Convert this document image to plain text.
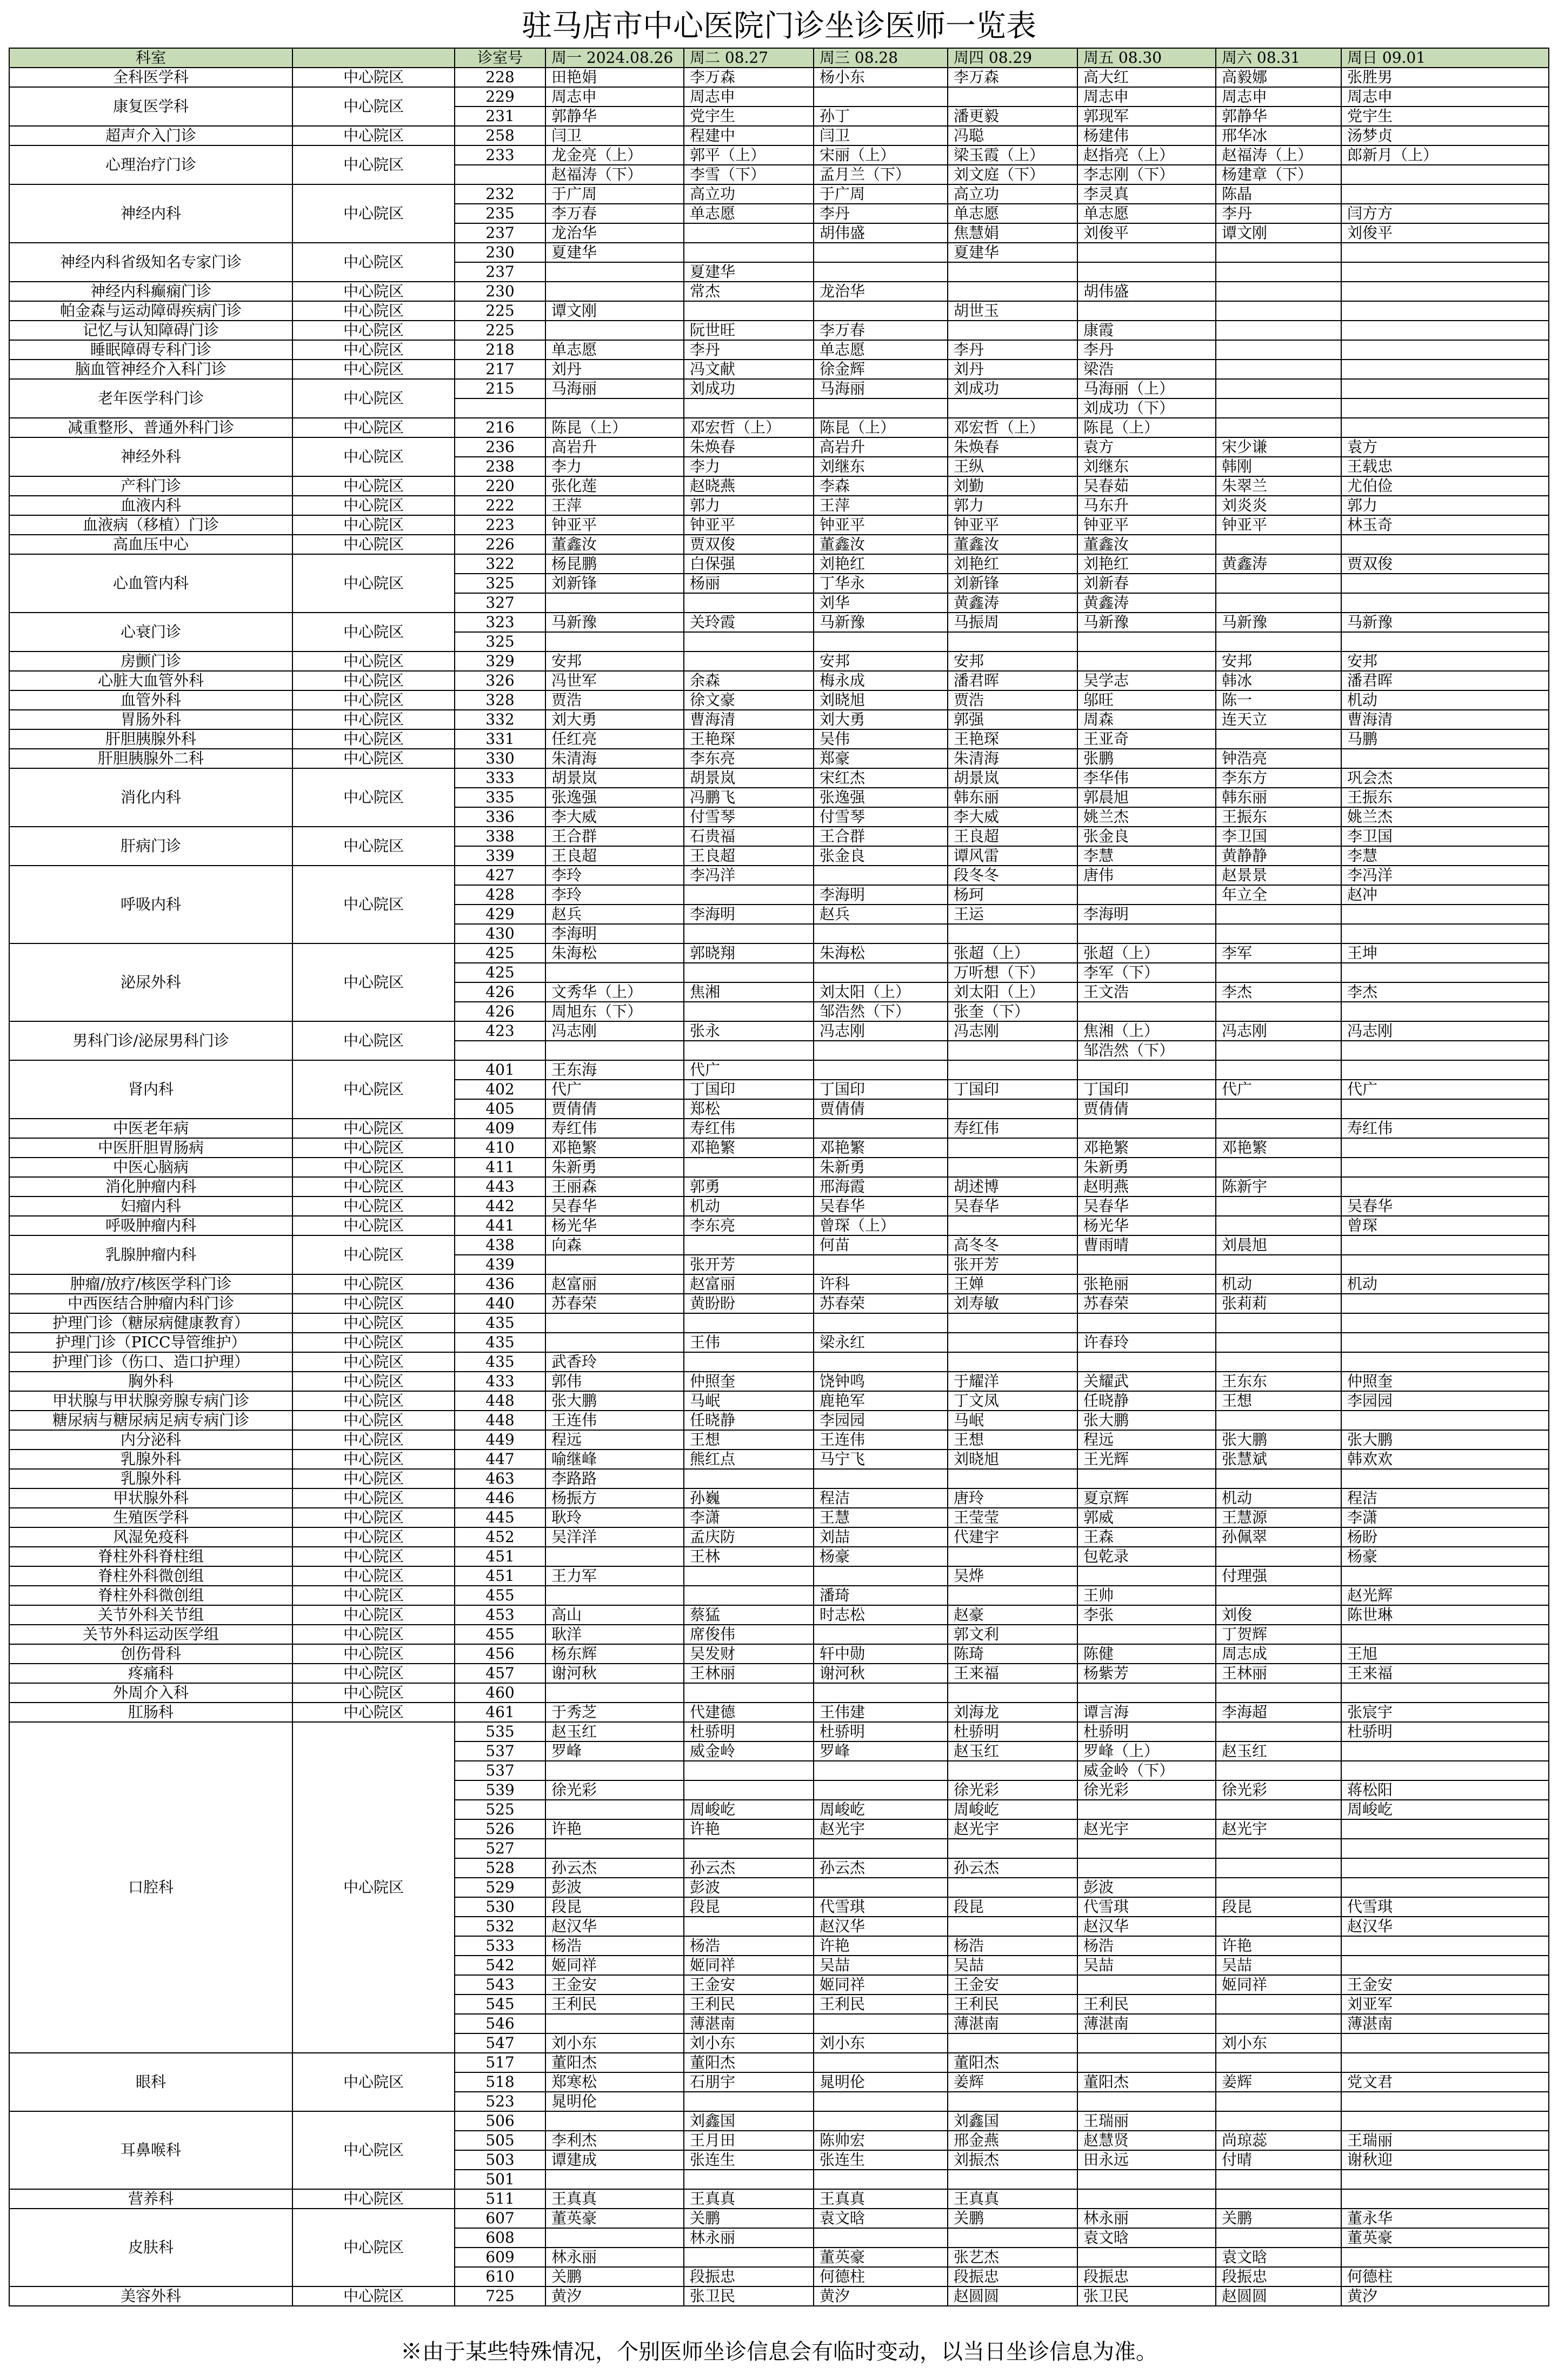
驻马店市中心医院门诊坐诊医师一览表
科室		诊室号	周一 2024.08.26	周二 08.27	周三 08.28	周四 08.29	周五 08.30	周六 08.31	周日 09.01
全科医学科	中心院区	228	田艳娟	李万森	杨小东	李万森	高大红	高毅娜	张胜男
康复医学科	中心院区	229	周志申	周志申			周志申	周志申	周志申
		231	郭静华	党宇生	孙丁	潘更毅	郭现军	郭静华	党宇生
超声介入门诊	中心院区	258	闫卫	程建中	闫卫	冯聪	杨建伟	邢华冰	汤梦贞
心理治疗门诊	中心院区	233	龙金亮（上）	郭平（上）	宋丽（上）	梁玉霞（上）	赵指亮（上）	赵福涛（上）	郎新月（上）
			赵福涛（下）	李雪（下）	孟月兰（下）	刘文庭（下）	李志刚（下）	杨建章（下）	
神经内科	中心院区	232	于广周	高立功	于广周	高立功	李灵真	陈晶	
		235	李万春	单志愿	李丹	单志愿	单志愿	李丹	闫方方
		237	龙治华		胡伟盛	焦慧娟	刘俊平	谭文刚	刘俊平
神经内科省级知名专家门诊	中心院区	230	夏建华			夏建华			
		237		夏建华					
神经内科癫痫门诊	中心院区	230		常杰	龙治华		胡伟盛		
帕金森与运动障碍疾病门诊	中心院区	225	谭文刚			胡世玉			
记忆与认知障碍门诊	中心院区	225		阮世旺	李万春		康霞		
睡眠障碍专科门诊	中心院区	218	单志愿	李丹	单志愿	李丹	李丹		
脑血管神经介入科门诊	中心院区	217	刘丹	冯文献	徐金辉	刘丹	梁浩		
老年医学科门诊	中心院区	215	马海丽	刘成功	马海丽	刘成功	马海丽（上）		
							刘成功（下）		
减重整形、普通外科门诊	中心院区	216	陈昆（上）	邓宏哲（上）	陈昆（上）	邓宏哲（上）	陈昆（上）		
神经外科	中心院区	236	高岩升	朱焕春	高岩升	朱焕春	袁方	宋少谦	袁方
		238	李力	李力	刘继东	王纵	刘继东	韩刚	王载忠
产科门诊	中心院区	220	张化莲	赵晓燕	李森	刘勤	吴春茹	朱翠兰	尤伯俭
血液内科	中心院区	222	王萍	郭力	王萍	郭力	马东升	刘炎炎	郭力
血液病（移植）门诊	中心院区	223	钟亚平	钟亚平	钟亚平	钟亚平	钟亚平	钟亚平	林玉奇
高血压中心	中心院区	226	董鑫汝	贾双俊	董鑫汝	董鑫汝	董鑫汝		
心血管内科	中心院区	322	杨昆鹏	白保强	刘艳红	刘艳红	刘艳红	黄鑫涛	贾双俊
		325	刘新锋	杨丽	丁华永	刘新锋	刘新春		
		327			刘华	黄鑫涛	黄鑫涛		
心衰门诊	中心院区	323	马新豫	关玲霞	马新豫	马振周	马新豫	马新豫	马新豫
		325							
房颤门诊	中心院区	329	安邦		安邦	安邦		安邦	安邦
心脏大血管外科	中心院区	326	冯世军	余森	梅永成	潘君晖	吴学志	韩冰	潘君晖
血管外科	中心院区	328	贾浩	徐文豪	刘晓旭	贾浩	邬旺	陈一	机动
胃肠外科	中心院区	332	刘大勇	曹海清	刘大勇	郭强	周森	连天立	曹海清
肝胆胰腺外科	中心院区	331	任红亮	王艳琛	吴伟	王艳琛	王亚奇		马鹏
肝胆胰腺外二科	中心院区	330	朱清海	李东亮	郑豪	朱清海	张鹏	钟浩亮	
消化内科	中心院区	333	胡景岚	胡景岚	宋红杰	胡景岚	李华伟	李东方	巩会杰
		335	张逸强	冯鹏飞	张逸强	韩东丽	郭晨旭	韩东丽	王振东
		336	李大威	付雪琴	付雪琴	李大威	姚兰杰	王振东	姚兰杰
肝病门诊	中心院区	338	王合群	石贵福	王合群	王良超	张金良	李卫国	李卫国
		339	王良超	王良超	张金良	谭风雷	李慧	黄静静	李慧
呼吸内科	中心院区	427	李玲	李冯洋		段冬冬	唐伟	赵景景	李冯洋
		428	李玲		李海明	杨珂		年立全	赵冲
		429	赵兵	李海明	赵兵	王运	李海明		
		430	李海明						
泌尿外科	中心院区	425	朱海松	郭晓翔	朱海松	张超（上）	张超（上）	李军	王坤
		425				万听想（下）	李军（下）		
		426	文秀华（上）	焦湘	刘太阳（上）	刘太阳（上）	王文浩	李杰	李杰
		426	周旭东（下）		邹浩然（下）	张奎（下）			
男科门诊/泌尿男科门诊	中心院区	423	冯志刚	张永	冯志刚	冯志刚	焦湘（上）	冯志刚	冯志刚
							邹浩然（下）		
肾内科	中心院区	401	王东海	代广					
		402	代广	丁国印	丁国印	丁国印	丁国印	代广	代广
		405	贾倩倩	郑松	贾倩倩		贾倩倩		
中医老年病	中心院区	409	寿红伟	寿红伟		寿红伟			寿红伟
中医肝胆胃肠病	中心院区	410	邓艳繁	邓艳繁	邓艳繁		邓艳繁	邓艳繁	
中医心脑病	中心院区	411	朱新勇		朱新勇		朱新勇		
消化肿瘤内科	中心院区	443	王丽森	郭勇	邢海霞	胡述博	赵明燕	陈新宇	
妇瘤内科	中心院区	442	吴春华	机动	吴春华	吴春华	吴春华		吴春华
呼吸肿瘤内科	中心院区	441	杨光华	李东亮	曾琛（上）		杨光华		曾琛
乳腺肿瘤内科	中心院区	438	向森		何苗	高冬冬	曹雨晴	刘晨旭	
		439		张开芳		张开芳			
肿瘤/放疗/核医学科门诊	中心院区	436	赵富丽	赵富丽	许科	王婵	张艳丽	机动	机动
中西医结合肿瘤内科门诊	中心院区	440	苏春荣	黄盼盼	苏春荣	刘寿敏	苏春荣	张莉莉	
护理门诊（糖尿病健康教育）	中心院区	435							
护理门诊（PICC导管维护）	中心院区	435		王伟	梁永红		许春玲		
护理门诊（伤口、造口护理）	中心院区	435	武香玲						
胸外科	中心院区	433	郭伟	仲照奎	饶钟鸣	于耀洋	关耀武	王东东	仲照奎
甲状腺与甲状腺旁腺专病门诊	中心院区	448	张大鹏	马岷	鹿艳军	丁文凤	任晓静	王想	李园园
糖尿病与糖尿病足病专病门诊	中心院区	448	王连伟	任晓静	李园园	马岷	张大鹏		
内分泌科	中心院区	449	程远	王想	王连伟	王想	程远	张大鹏	张大鹏
乳腺外科	中心院区	447	喻继峰	熊红点	马宁飞	刘晓旭	王光辉	张慧斌	韩欢欢
乳腺外科	中心院区	463	李路路						
甲状腺外科	中心院区	446	杨振方	孙巍	程洁	唐玲	夏京辉	机动	程洁
生殖医学科	中心院区	445	耿玲	李潇	王慧	王莹莹	郭威	王慧源	李潇
风湿免疫科	中心院区	452	吴洋洋	孟庆防	刘喆	代建宇	王森	孙佩翠	杨盼
脊柱外科脊柱组	中心院区	451		王林	杨豪		包乾录		杨豪
脊柱外科微创组	中心院区	451	王力军			吴烨		付理强	
脊柱外科微创组	中心院区	455			潘琦		王帅		赵光辉
关节外科关节组	中心院区	453	高山	蔡猛	时志松	赵豪	李张	刘俊	陈世琳
关节外科运动医学组	中心院区	455	耿洋	席俊伟		郭文利		丁贺辉	
创伤骨科	中心院区	456	杨东辉	吴发财	轩中勋	陈琦	陈健	周志成	王旭
疼痛科	中心院区	457	谢河秋	王林丽	谢河秋	王来福	杨紫芳	王林丽	王来福
外周介入科	中心院区	460							
肛肠科	中心院区	461	于秀芝	代建德	王伟建	刘海龙	谭言海	李海超	张宸宇
口腔科	中心院区	535	赵玉红	杜骄明	杜骄明	杜骄明	杜骄明		杜骄明
		537	罗峰	威金岭	罗峰	赵玉红	罗峰（上）	赵玉红	
		537					威金岭（下）		
		539	徐光彩			徐光彩	徐光彩	徐光彩	蒋松阳
		525		周峻屹	周峻屹	周峻屹			周峻屹
		526	许艳	许艳	赵光宇	赵光宇	赵光宇	赵光宇	
		527							
		528	孙云杰	孙云杰	孙云杰	孙云杰			
		529	彭波	彭波			彭波		
		530	段昆	段昆	代雪琪	段昆	代雪琪	段昆	代雪琪
		532	赵汉华		赵汉华		赵汉华		赵汉华
		533	杨浩	杨浩	许艳	杨浩	杨浩	许艳	
		542	姬同祥	姬同祥	吴喆	吴喆	吴喆	吴喆	
		543	王金安	王金安	姬同祥	王金安		姬同祥	王金安
		545	王利民	王利民	王利民	王利民	王利民		刘亚军
		546		薄湛南		薄湛南	薄湛南		薄湛南
		547	刘小东	刘小东	刘小东			刘小东	
眼科	中心院区	517	董阳杰	董阳杰		董阳杰			
		518	郑寒松	石朋宇	晁明伦	姜辉	董阳杰	姜辉	党文君
		523	晁明伦						
耳鼻喉科	中心院区	506		刘鑫国		刘鑫国	王瑞丽		
		505	李利杰	王月田	陈帅宏	邢金燕	赵慧贤	尚琼蕊	王瑞丽
		503	谭建成	张连生	张连生	刘振杰	田永远	付晴	谢秋迎
		501							
营养科	中心院区	511	王真真	王真真	王真真	王真真			
皮肤科	中心院区	607	董英豪	关鹏	袁文晗	关鹏	林永丽	关鹏	董永华
		608		林永丽			袁文晗		董英豪
		609	林永丽		董英豪	张艺杰		袁文晗	
		610	关鹏	段振忠	何德柱	段振忠	段振忠	段振忠	何德柱
美容外科	中心院区	725	黄汐	张卫民	黄汐	赵圆圆	张卫民	赵圆圆	黄汐
※由于某些特殊情况，个别医师坐诊信息会有临时变动，以当日坐诊信息为准。
